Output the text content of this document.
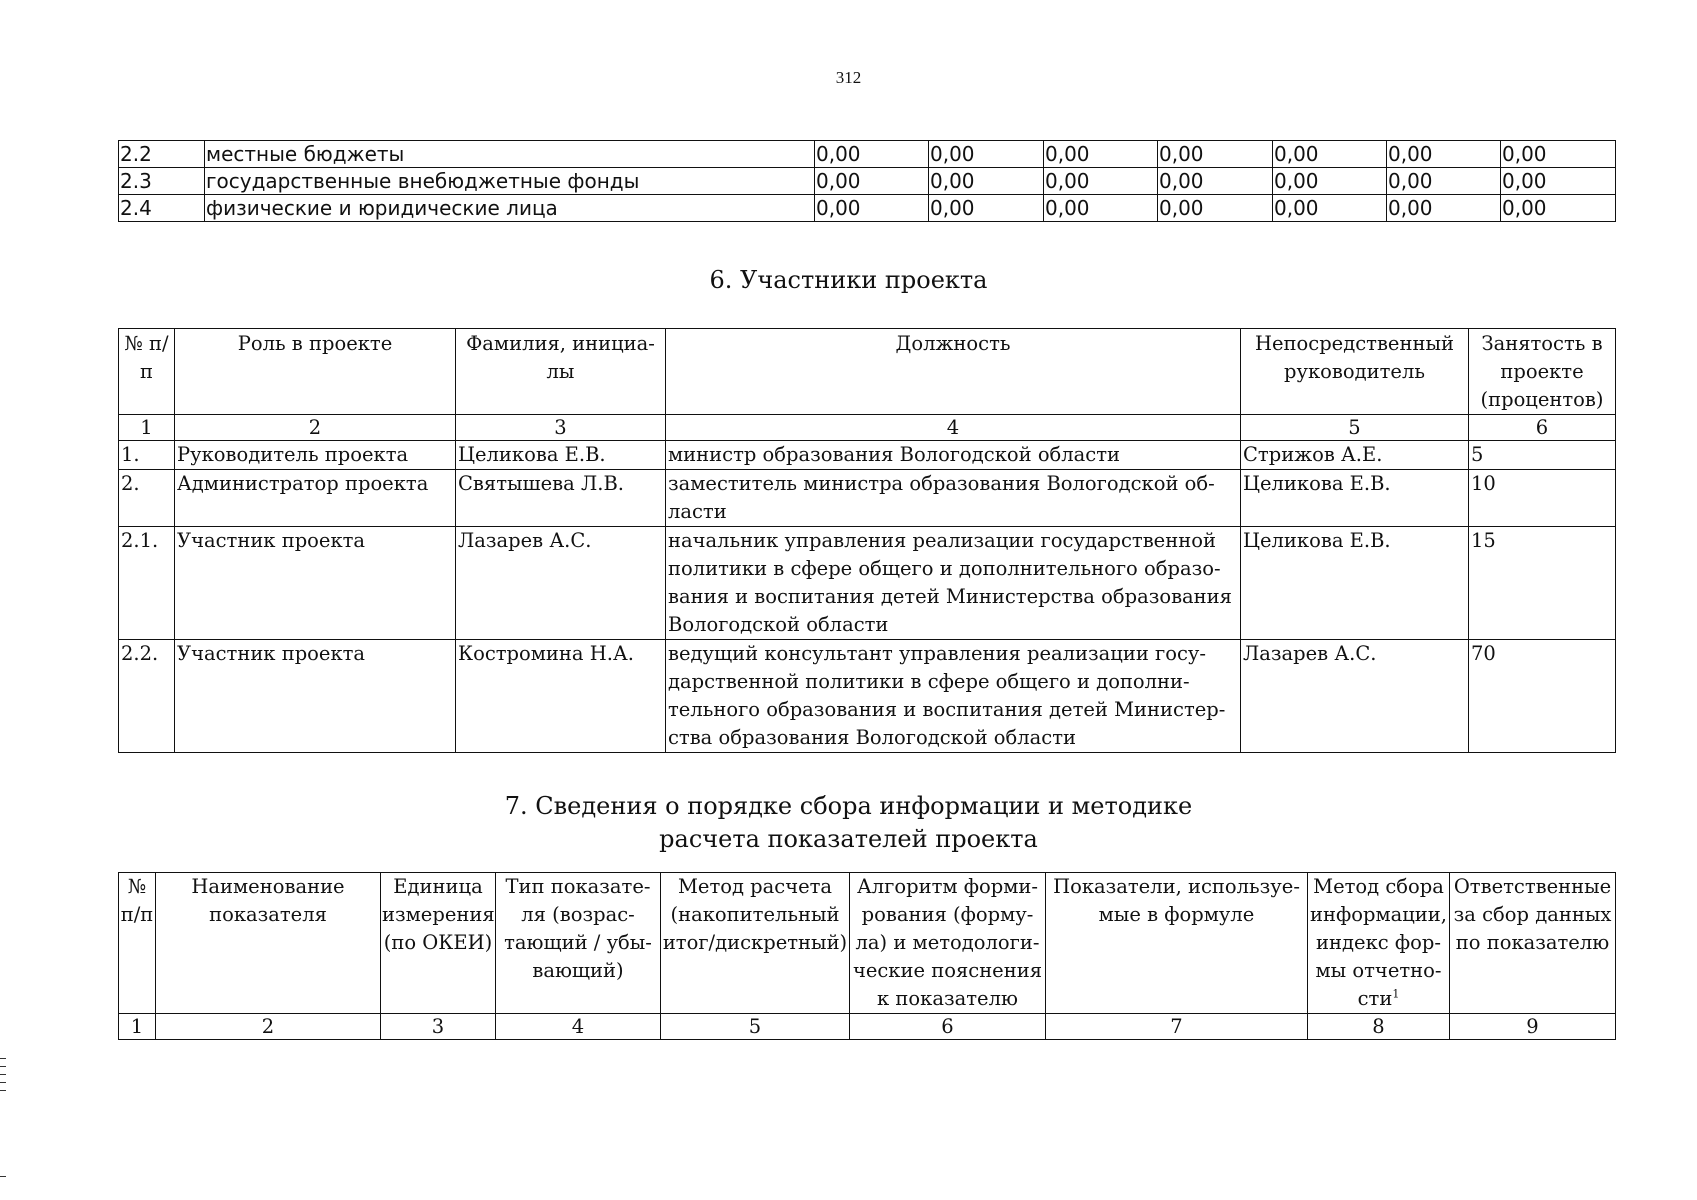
312
2.2	местные бюджеты	0,00	0,00	0,00	0,00	0,00	0,00	0,00
2.3	государственные внебюджетные фонды	0,00	0,00	0,00	0,00	0,00	0,00	0,00
2.4	физические и юридические лица	0,00	0,00	0,00	0,00	0,00	0,00	0,00
6. Участники проекта
№ п/п	Роль в проекте	Фамилия, инициа-лы	Должность	Непосредственный руководитель	Занятость в проекте (процентов)
1	2	3	4	5	6
1.	Руководитель проекта	Целикова Е.В.	министр образования Вологодской области	Стрижов А.Е.	5
2.	Администратор проекта	Святышева Л.В.	заместитель министра образования Вологодской об-ласти	Целикова Е.В.	10
2.1.	Участник проекта	Лазарев А.С.	начальник управления реализации государственной политики в сфере общего и дополнительного образо-вания и воспитания детей Министерства образования Вологодской области	Целикова Е.В.	15
2.2.	Участник проекта	Костромина Н.А.	ведущий консультант управления реализации госу-дарственной политики в сфере общего и дополни-тельного образования и воспитания детей Министер-ства образования Вологодской области	Лазарев А.С.	70
7. Сведения о порядке сбора информации и методике
расчета показателей проекта
№ п/п	Наименование показателя	Единица измерения (по ОКЕИ)	Тип показате-ля (возрас-тающий / убы-вающий)	Метод расчета (накопительный итог/дискретный)	Алгоритм форми-рования (форму-ла) и методологи-ческие пояснения к показателю	Показатели, используе-мые в формуле	Метод сбора информации, индекс фор-мы отчетно-сти$^1$	Ответственные за сбор данных по показателю
1	2	3	4	5	6	7	8	9
